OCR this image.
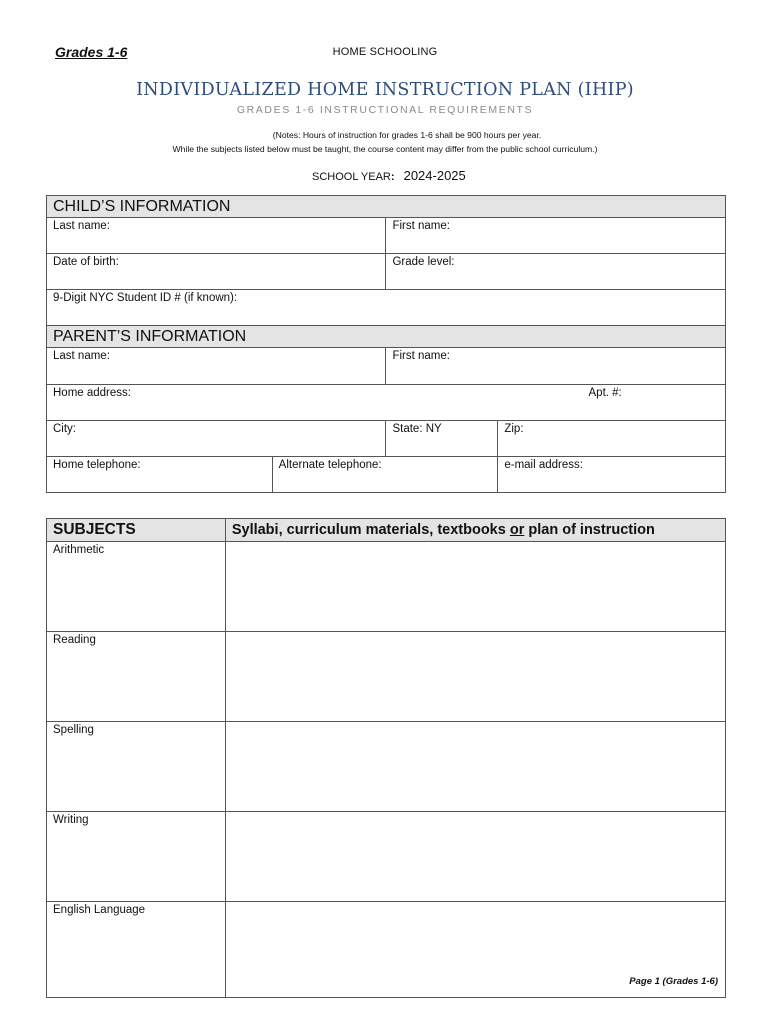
Grades 1-6	HOME SCHOOLING
INDIVIDUALIZED HOME INSTRUCTION PLAN (IHIP)
GRADES 1-6 INSTRUCTIONAL REQUIREMENTS
(Notes: Hours of instruction for grades 1-6 shall be 900 hours per year.
While the subjects listed below must be taught, the course content may differ from the public school curriculum.)
SCHOOL YEAR: 2024-2025
CHILD’S INFORMATION			
Last name:		First name:	
Date of birth:		Grade level:	
9-Digit NYC Student ID # (if known):			
PARENT’S INFORMATION			
Last name:		First name:	
Home address: Apt. #:			

City:		State: NY	Zip:
Home telephone:	Alternate telephone:		e-mail address:
SUBJECTS	Syllabi, curriculum materials, textbooks or plan of instruction
Arithmetic	
Reading	
Spelling	
Writing	
English Language	
Page 1 (Grades 1-6)
